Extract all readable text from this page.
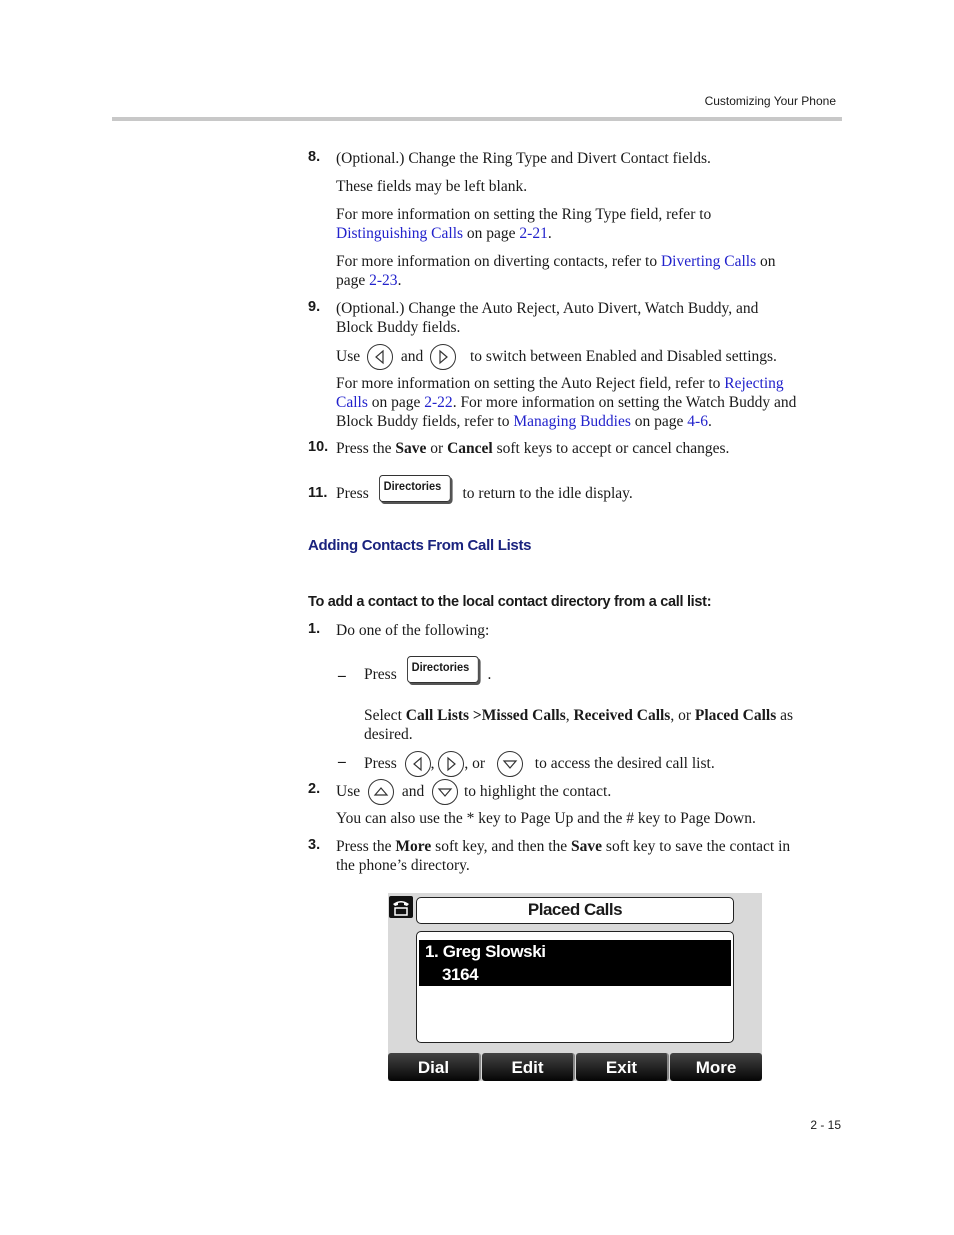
Customizing Your Phone
8. (Optional.) Change the Ring Type and Divert Contact fields.
These fields may be left blank.
For more information on setting the Ring Type field, refer to
Distinguishing Calls on page 2-21.
For more information on diverting contacts, refer to Diverting Calls on
page 2-23.
9. (Optional.) Change the Auto Reject, Auto Divert, Watch Buddy, and
Block Buddy fields.
Use	and	to switch between Enabled and Disabled settings.
For more information on setting the Auto Reject field, refer to Rejecting
Calls on page 2-22. For more information on setting the Watch Buddy and
Block Buddy fields, refer to Managing Buddies on page 4-6.
10. Press the Save or Cancel soft keys to accept or cancel changes.
11. Press Directories to return to the idle display.
Adding Contacts From Call Lists
To add a contact to the local contact directory from a call list:
1. Do one of the following:
– Press Directories .
Select Call Lists >Missed Calls, Received Calls, or Placed Calls as
desired.
– Press , , or	to access the desired call list.
2. Use	and	to highlight the contact.
You can also use the * key to Page Up and the # key to Page Down.
3. Press the More soft key, and then the Save soft key to save the contact in
the phone’s directory.
Placed Calls
1. Greg Slowski
3164
Dial	Edit	Exit	More
2 - 15
